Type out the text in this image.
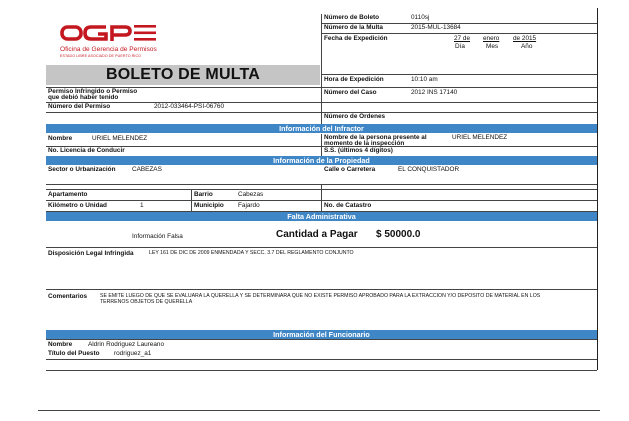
Oficina de Gerencia de Permisos
ESTADO LIBRE ASOCIADO DE PUERTO RICO
BOLETO DE MULTA
Número de Boleto	0110sj
Número de la Multa	2015-MUL-13684
Fecha de Expedición	27 de enero de 2015
Día	Mes	Año
Hora de Expedición	10:10 am
Permiso Infringido o Permiso
que debió haber tenido
Número del Caso	2012 INS 17140
Número del Permiso	2012-033464-PSI-06760
Número de Ordenes
Información del Infractor
Nombre	URIEL MELENDEZ	Nombre de la persona presente al
momento de la inspección
URIEL MELENDEZ
No. Licencia de Conducir	S.S. (últimos 4 dígitos)
Información de la Propiedad
Sector o Urbanización	CABEZAS	Calle o Carretera	EL CONQUISTADOR
Apartamento	Barrio	Cabezas
Kilómetro o Unidad	1	Municipio Fajardo	No. de Catastro
Falta Administrativa
Información Falsa	Cantidad a Pagar $ 50000.0
Disposición Legal Infringida	LEY 161 DE DIC DE 2009 ENMENDADA Y SECC. 3.7 DEL REGLAMENTO CONJUNTO
Comentarios SE EMITE LUEGO DE QUE SE EVALUARA LA QUERELLA Y SE DETERMINARA QUE NO EXISTE PERMISO APROBADO PARA LA EXTRACCION Y/O DEPOSITO DE MATERIAL EN LOS
TERRENOS OBJETOS DE QUERELLA
Información del Funcionario
Nombre Aldrin Rodriguez Laureano
Título del Puesto rodriguez_a1
